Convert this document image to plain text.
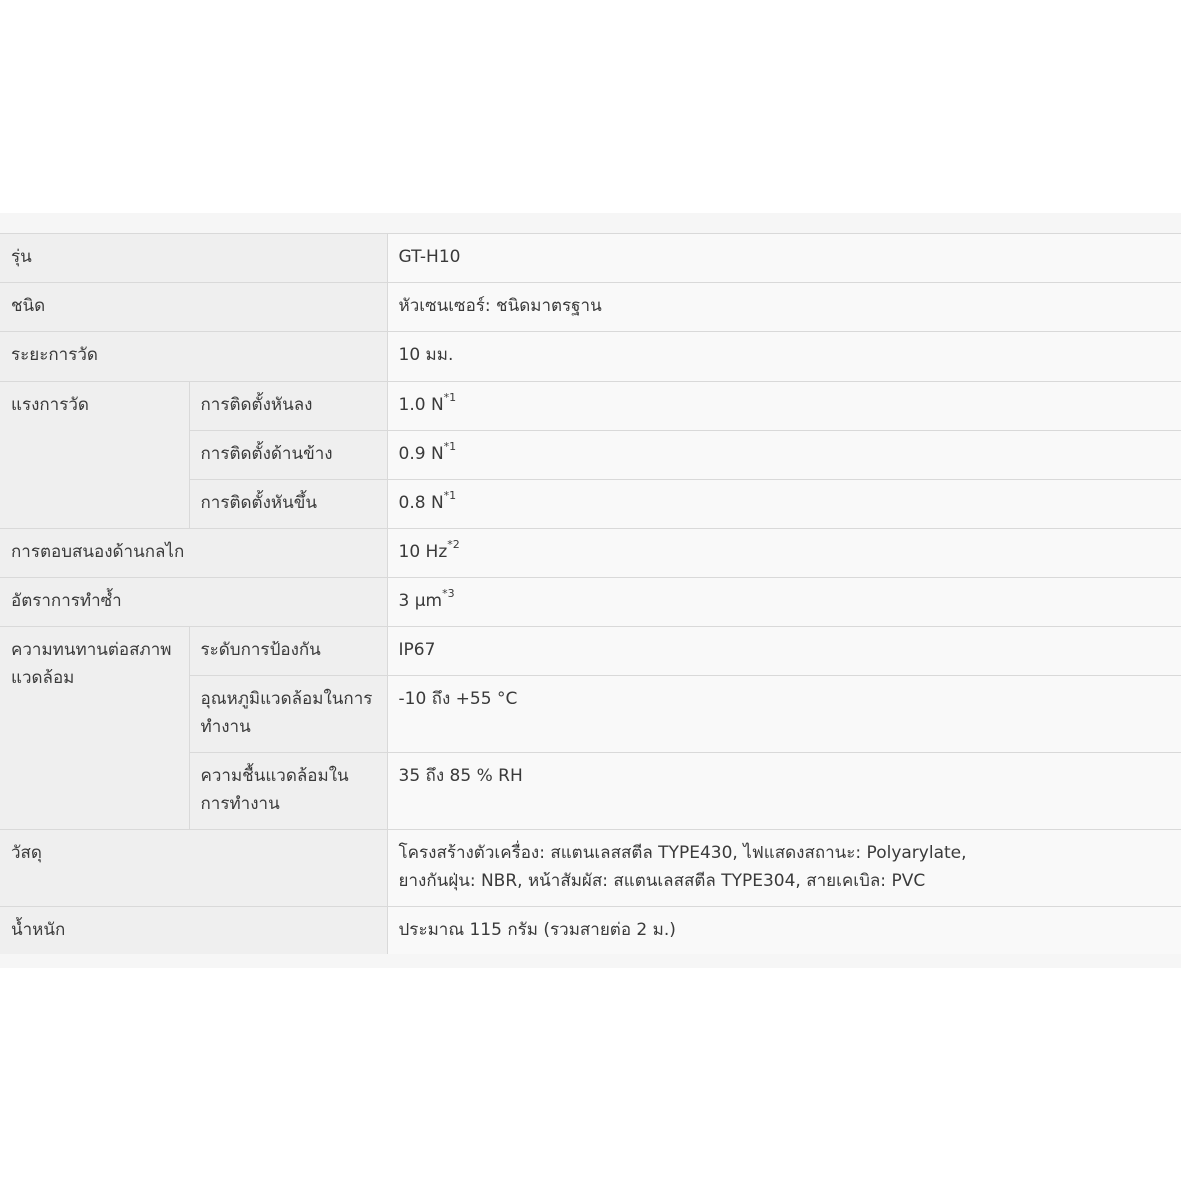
รุ่น		GT-H10
ชนิด		หัวเซนเซอร์: ชนิดมาตรฐาน
ระยะการวัด		10 มม.
แรงการวัด	การติดตั้งหันลง	1.0 $N^{*1}$
	การติดตั้งด้านข้าง	0.9 $N^{*1}$
	การติดตั้งหันขึ้น	0.8 $N^{*1}$
การตอบสนองด้านกลไก		10 Hz$^{*2}$
อัตราการทำซ้ำ		3 $\mu m^{*3}$
ความทนทานต่อสภาพแวดล้อม	ระดับการป้องกัน	IP67
	อุณหภูมิแวดล้อมในการทำงาน	-10 ถึง +55 °C
	ความชื้นแวดล้อมในการทำงาน	35 ถึง 85 % RH
วัสดุ		โครงสร้างตัวเครื่อง: สแตนเลสสตีล TYPE430, ไฟแสดงสถานะ: Polyarylate,
ยางกันฝุ่น: NBR, หน้าสัมผัส: สแตนเลสสตีล TYPE304, สายเคเบิล: PVC

น้ำหนัก		ประมาณ 115 กรัม (รวมสายต่อ 2 ม.)
